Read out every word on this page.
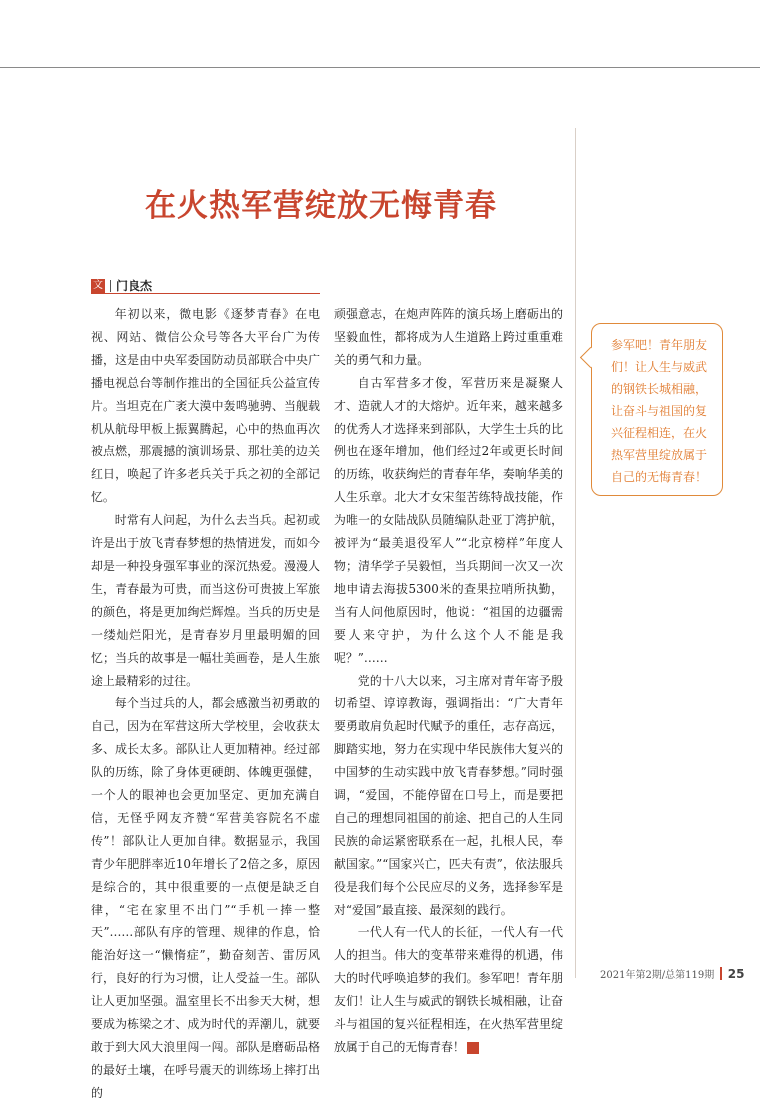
在火热军营绽放无悔青春
文 门良杰

年初以来，微电影《逐梦青春》在电视、网站、微信公众号等各大平台广为传播，这是由中央军委国防动员部联合中央广播电视总台等制作推出的全国征兵公益宣传片。当坦克在广袤大漠中轰鸣驰骋、当舰载机从航母甲板上振翼腾起，心中的热血再次被点燃，那震撼的演训场景、那壮美的边关红日，唤起了许多老兵关于兵之初的全部记忆。

时常有人问起，为什么去当兵。起初或许是出于放飞青春梦想的热情迸发，而如今却是一种投身强军事业的深沉热爱。漫漫人生，青春最为可贵，而当这份可贵披上军旅的颜色，将是更加绚烂辉煌。当兵的历史是一缕灿烂阳光，是青春岁月里最明媚的回忆；当兵的故事是一幅壮美画卷，是人生旅途上最精彩的过往。

每个当过兵的人，都会感激当初勇敢的自己，因为在军营这所大学校里，会收获太多、成长太多。部队让人更加精神。经过部队的历练，除了身体更硬朗、体魄更强健，一个人的眼神也会更加坚定、更加充满自信，无怪乎网友齐赞“军营美容院名不虚传”！部队让人更加自律。数据显示，我国青少年肥胖率近10年增长了2倍之多，原因是综合的，其中很重要的一点便是缺乏自律，“宅在家里不出门”“手机一捧一整天”……部队有序的管理、规律的作息，恰能治好这一“懒惰症”，勤奋刻苦、雷厉风行，良好的行为习惯，让人受益一生。部队让人更加坚强。温室里长不出参天大树，想要成为栋梁之才、成为时代的弄潮儿，就要敢于到大风大浪里闯一闯。部队是磨砺品格的最好土壤，在呼号震天的训练场上摔打出的

顽强意志，在炮声阵阵的演兵场上磨砺出的坚毅血性，都将成为人生道路上跨过重重难关的勇气和力量。

自古军营多才俊，军营历来是凝聚人才、造就人才的大熔炉。近年来，越来越多的优秀人才选择来到部队，大学生士兵的比例也在逐年增加，他们经过2年或更长时间的历练，收获绚烂的青春年华，奏响华美的人生乐章。北大才女宋玺苦练特战技能，作为唯一的女陆战队员随编队赴亚丁湾护航，被评为“最美退役军人”“北京榜样”年度人物；清华学子吴毅恒，当兵期间一次又一次地申请去海拔5300米的查果拉哨所执勤，当有人问他原因时，他说：“祖国的边疆需要人来守护，为什么这个人不能是我呢？”……

党的十八大以来，习主席对青年寄予殷切希望、谆谆教诲，强调指出：“广大青年要勇敢肩负起时代赋予的重任，志存高远，脚踏实地，努力在实现中华民族伟大复兴的中国梦的生动实践中放飞青春梦想。”同时强调，“爱国，不能停留在口号上，而是要把自己的理想同祖国的前途、把自己的人生同民族的命运紧密联系在一起，扎根人民，奉献国家。”“国家兴亡，匹夫有责”，依法服兵役是我们每个公民应尽的义务，选择参军是对“爱国”最直接、最深刻的践行。

一代人有一代人的长征，一代人有一代人的担当。伟大的变革带来难得的机遇，伟大的时代呼唤追梦的我们。参军吧！青年朋友们！让人生与威武的钢铁长城相融，让奋斗与祖国的复兴征程相连，在火热军营里绽放属于自己的无悔青春！	G

参军吧！青年朋友们！让人生与威武的钢铁长城相融，让奋斗与祖国的复兴征程相连，在火热军营里绽放属于自己的无悔青春！
2021年第2期/总第119期 25
